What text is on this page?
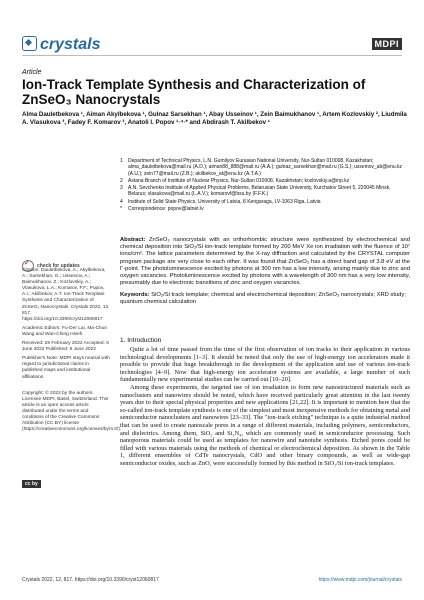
crystals	MDPI
Article
Ion-Track Template Synthesis and Characterization of ZnSeO₃ Nanocrystals
Alma Dauletbekova ¹, Aiman Akylbekova ¹, Gulnaz Sarsekhan ¹, Abay Usseinov ¹, Zein Baimukhanov ¹, Artem Kozlovskiy ², Liudmila A. Vlasukova ³, Fadey F. Komarov ³, Anatoli I. Popov ¹·⁴·* and Abdirash T. Akilbekov ¹
1	Department of Technical Physics, L.N. Gumilyov Eurasian National University, Nur-Sultan 010008, Kazakhstan; alma_dauletbekova@mail.ru (A.D.); aiman88_888@mail.ru (A.A.); gulnaz_sarsekhan@mail.ru (G.S.); usseinov_ab@enu.kz (A.U.); zein77@mail.ru (Z.B.); akilbekov_at@enu.kz (A.T.A.)
2	Astana Branch of Institute of Nuclear Physics, Nur-Sultan 010008, Kazakhstan; kozlovskiy.a@inp.kz
3	A.N. Sevchenko Institute of Applied Physical Problems, Belarusian State University, Kurchatov Street 5, 220045 Minsk, Belarus; vlasukova@mail.ru (L.A.V.); komarovf@bsu.by (F.F.K.)
4	Institute of Solid State Physics, University of Latvia, 8 Kengaraga, LV-1063 Riga, Latvia
*	Correspondence: popov@latnet.lv
Abstract: ZnSeO₃ nanocrystals with an orthorhombic structure were synthesized by electrochemical and chemical deposition into SiO₂/Si ion-track template formed by 200 MeV Xe ion irradiation with the fluence of 10⁷ ions/cm². The lattice parameters determined by the X-ray diffraction and calculated by the CRYSTAL computer program package are very close to each other. It was found that ZnSeO₃ has a direct band gap of 3.8 eV at the Γ-point. The photoluminescence excited by photons at 300 nm has a low intensity, arising mainly due to zinc and oxygen vacancies. Photoluminescence excited by photons with a wavelength of 300 nm has a very low intensity, presumably due to electronic transitions of zinc and oxygen vacancies.
Keywords: SiO₂/Si track template; chemical and electrochemical deposition; ZnSeO₃ nanocrystals; XRD study; quantum chemical calculation
✓
check for updates
Citation: Dauletbekova, A.; Akylbekova, A.; Sarsekhan, G.; Usseinov, A.; Baimukhanov, Z.; Kozlovskiy, A.; Vlasukova, L.A.; Komarov, F.F.; Popov, A.I.; Akilbekov, A.T. Ion-Track Template Synthesis and Characterization of ZnSeO₃ Nanocrystals. Crystals 2022, 12, 817. https://doi.org/10.3390/cryst12060817
Academic Editors: Fu-Der Lai, Ma-Chun Wang and Wan-Ching Hsieh
Received: 28 February 2022 Accepted: 6 June 2022 Published: 9 June 2022
Publisher's Note: MDPI stays neutral with regard to jurisdictional claims in published maps and institutional affiliations.
Copyright: © 2022 by the authors. Licensee MDPI, Basel, Switzerland. This article is an open access article distributed under the terms and conditions of the Creative Commons Attribution (CC BY) license (https://creativecommons.org/licenses/by/4.0/).
cc by
1. Introduction

Quite a lot of time passed from the time of the first observation of ion tracks to their application in various technological developments [1–3]. It should be noted that only the use of high-energy ion accelerators made it possible to provide that huge breakthrough in the development of the application and use of various ion-track technologies [4–9]. Now that high-energy ion accelerator systems are available, a large number of such fundamentally new experimental studies can be carried out [10–20].

Among these experiments, the targeted use of ion irradiation to form new nanostructured materials such as nanoclusters and nanowires should be noted, which have received particularly great attention in the last twenty years due to their special physical properties and new applications [21,22]. It is important to mention here that the so-called ion-track template synthesis is one of the simplest and most inexpensive methods for obtaining metal and semiconductor nanoclusters and nanowires [23–33]. The "ion-track etching" technique is a quite industrial method that can be used to create nanoscale pores in a range of different materials, including polymers, semiconductors, and dielectrics. Among them, SiO₂ and Si₃N₄, which are commonly used in semiconductor processing. Such nanoporous materials could be used as templates for nanowire and nanotube synthesis. Etched pores could be filled with various materials using the methods of chemical or electrochemical deposition. As shown in the Table 1, different ensembles of CdTe nanocrystals, CdO and other binary compounds, as well as wide-gap semiconductor oxides, such as ZnO, were successfully formed by this method in SiO₂/Si ion-track templates.

Crystals 2022, 12, 817. https://doi.org/10.3390/cryst12060817	https://www.mdpi.com/journal/crystals
